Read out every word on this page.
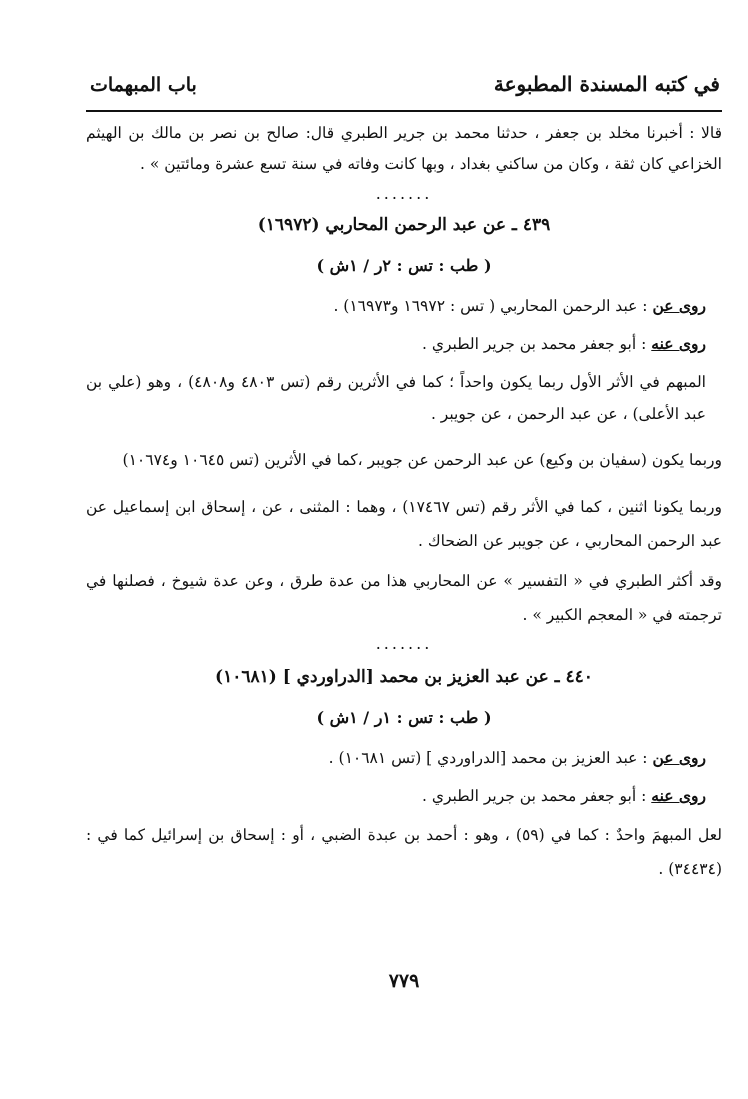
في كتبه المسندة المطبوعة
باب المبهمات

قالا : أخبرنا مخلد بن جعفر ، حدثنا محمد بن جرير الطبري قال: صالح بن نصر بن مالك بن الهيثم الخزاعي كان ثقة ، وكان من ساكني بغداد ، وبها كانت وفاته في سنة تسع عشرة ومائتين » .

.......
٤٣٩ ـ عن عبد الرحمن المحاربي (١٦٩٧٢)
( طب : تس : ٢ر / ١ش )

روى عن : عبد الرحمن المحاربي ( تس : ١٦٩٧٢ و١٦٩٧٣) .

روى عنه : أبو جعفر محمد بن جرير الطبري .

المبهم في الأثر الأول ربما يكون واحداً ؛ كما في الأثرين رقم (تس ٤٨٠٣ و٤٨٠٨) ، وهو (علي بن عبد الأعلى) ، عن عبد الرحمن ، عن جويبر .

وربما يكون (سفيان بن وكيع) عن عبد الرحمن عن جويبر ،كما في الأثرين (تس ١٠٦٤٥ و١٠٦٧٤)

وربما يكونا اثنين ، كما في الأثر رقم (تس ١٧٤٦٧) ، وهما : المثنى ، عن ، إسحاق ابن إسماعيل عن عبد الرحمن المحاربي ، عن جويبر عن الضحاك .

وقد أكثر الطبري في « التفسير » عن المحاربي هذا من عدة طرق ، وعن عدة شيوخ ، فصلنها في ترجمته في « المعجم الكبير » .

.......
٤٤٠ ـ عن عبد العزيز بن محمد [الدراوردي ] (١٠٦٨١)
( طب : تس : ١ر / ١ش )

روى عن : عبد العزيز بن محمد [الدراوردي ] (تس ١٠٦٨١) .

روى عنه : أبو جعفر محمد بن جرير الطبري .

لعل المبهمَ واحدٌ : كما في (٥٩) ، وهو : أحمد بن عبدة الضبي ، أو : إسحاق بن إسرائيل كما في : (٣٤٤٣٤) .

٧٧٩
